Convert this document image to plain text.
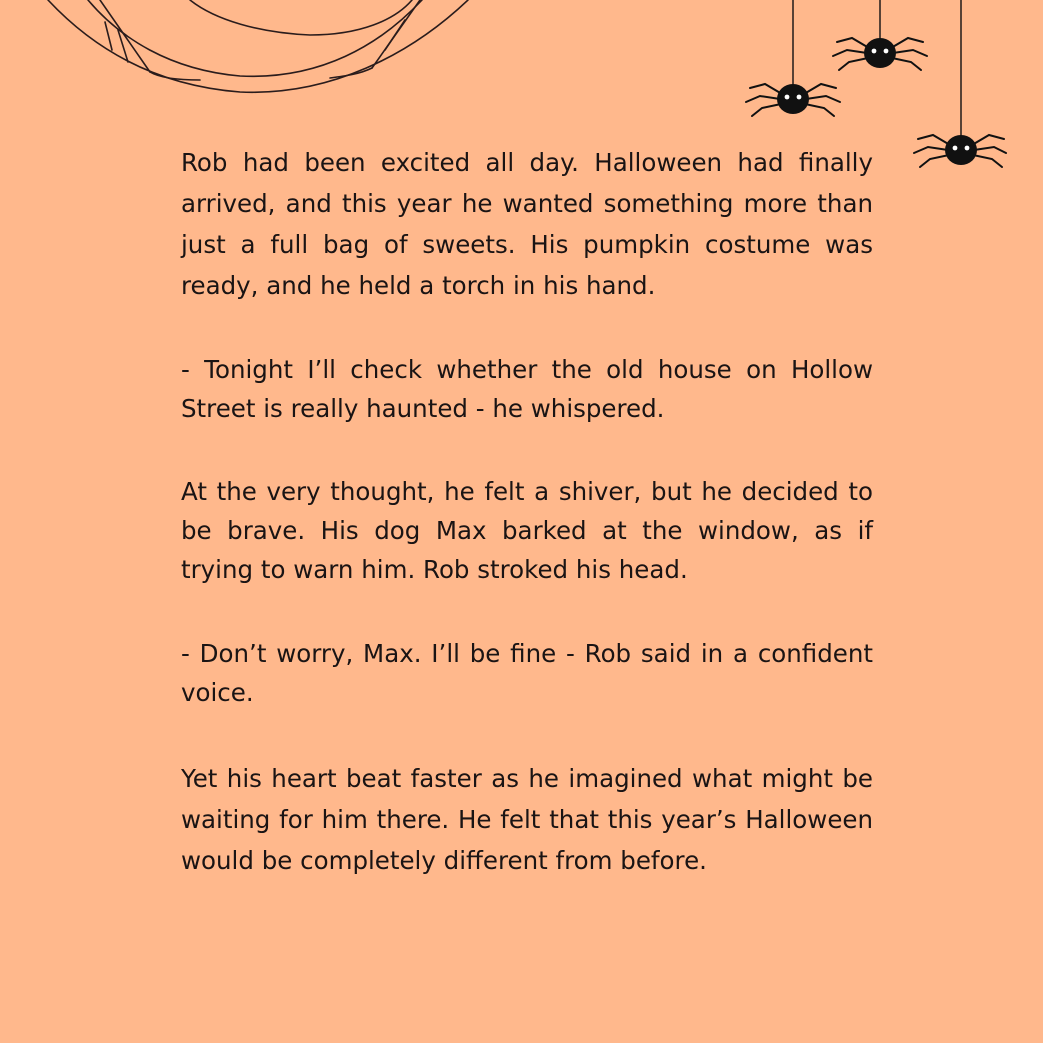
Rob had been excited all day. Halloween had finally arrived, and this year he wanted something more than just a full bag of sweets. His pumpkin costume was ready, and he held a torch in his hand.

- Tonight I’ll check whether the old house on Hollow Street is really haunted - he whispered.

At the very thought, he felt a shiver, but he decided to be brave. His dog Max barked at the window, as if trying to warn him. Rob stroked his head.

- Don’t worry, Max. I’ll be fine - Rob said in a confident voice.

Yet his heart beat faster as he imagined what might be waiting for him there. He felt that this year’s Halloween would be completely different from before.
